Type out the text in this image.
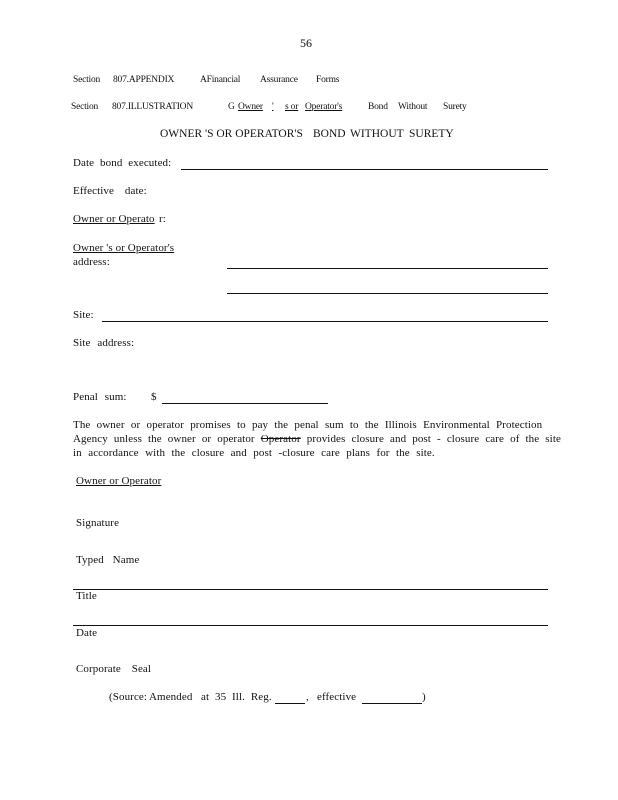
56
Section 807.APPENDIX	AFinancial Assurance Forms
Section 807.ILLUSTRATION	G Owner ' s or Operator's	Bond Without Surety
OWNER 'S OR OPERATOR'S BOND WITHOUT SURETY
Date bond executed:
Effective date:
Owner or Operato r:
Owner 's or Operator's
address:
Site:
Site address:
Penal sum: $
The owner or operator promises to pay the penal sum to the Illinois Environmental Protection
Agency unless the owner or operator Operator provides closure and post - closure care of the site
in accordance with the closure and post -closure care plans for the site.
Owner or Operator
Signature
Typed Name
Title
Date
Corporate Seal
(Source: Amended at 35 Ill. Reg.	, effective	)
